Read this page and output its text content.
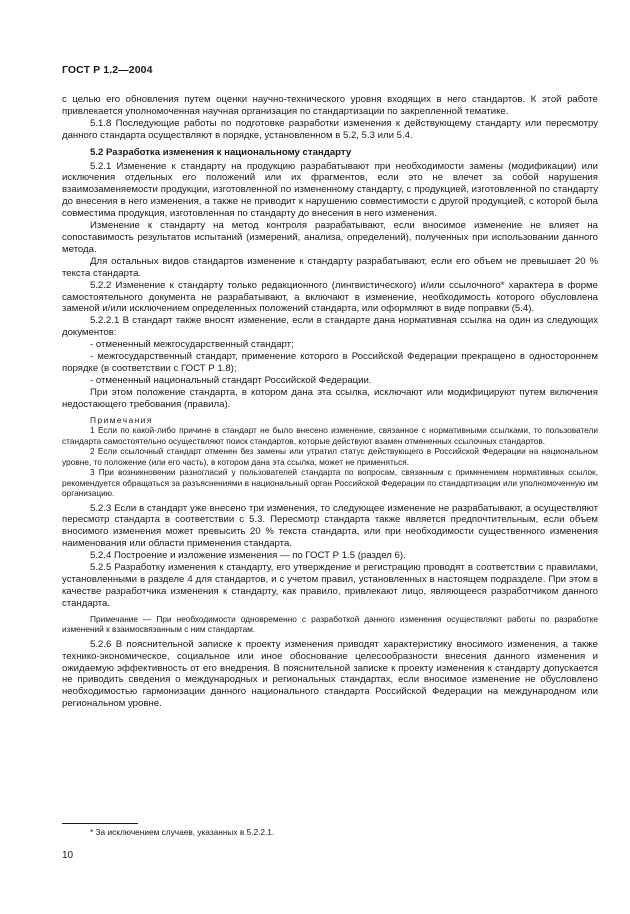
ГОСТ Р 1.2—2004

с целью его обновления путем оценки научно-технического уровня входящих в него стандартов. К этой работе привлекается уполномоченная научная организация по стандартизации по закрепленной тематике.

5.1.8 Последующие работы по подготовке разработки изменения к действующему стандарту или пересмотру данного стандарта осуществляют в порядке, установленном в 5.2, 5.3 или 5.4.

5.2 Разработка изменения к национальному стандарту

5.2.1 Изменение к стандарту на продукцию разрабатывают при необходимости замены (модификации) или исключения отдельных его положений или их фрагментов, если это не влечет за собой нарушения взаимозаменяемости продукции, изготовленной по измененному стандарту, с продукцией, изготовленной по стандарту до внесения в него изменения, а также не приводит к нарушению совместимости с другой продукцией, с которой была совместима продукция, изготовленная по стандарту до внесения в него изменения.

Изменение к стандарту на метод контроля разрабатывают, если вносимое изменение не влияет на сопоставимость результатов испытаний (измерений, анализа, определений), полученных при использовании данного метода.

Для остальных видов стандартов изменение к стандарту разрабатывают, если его объем не превышает 20 % текста стандарта.

5.2.2 Изменение к стандарту только редакционного (лингвистического) и/или ссылочного* характера в форме самостоятельного документа не разрабатывают, а включают в изменение, необходимость которого обусловлена заменой и/или исключением определенных положений стандарта, или оформляют в виде поправки (5.4).

5.2.2.1 В стандарт также вносят изменение, если в стандарте дана нормативная ссылка на один из следующих документов:

- отмененный межгосударственный стандарт;

- межгосударственный стандарт, применение которого в Российской Федерации прекращено в одностороннем порядке (в соответствии с ГОСТ Р 1.8);

- отмененный национальный стандарт Российской Федерации.

При этом положение стандарта, в котором дана эта ссылка, исключают или модифицируют путем включения недостающего требования (правила).

Примечания

1 Если по какой-либо причине в стандарт не было внесено изменение, связанное с нормативными ссылками, то пользователи стандарта самостоятельно осуществляют поиск стандартов, которые действуют взамен отмененных ссылочных стандартов.

2 Если ссылочный стандарт отменен без замены или утратил статус действующего в Российской Федерации на национальном уровне, то положение (или его часть), в котором дана эта ссылка, может не применяться.

3 При возникновении разногласий у пользователей стандарта по вопросам, связанным с применением нормативных ссылок, рекомендуется обращаться за разъяснениями в национальный орган Российской Федерации по стандартизации или уполномоченную им организацию.

5.2.3 Если в стандарт уже внесено три изменения, то следующее изменение не разрабатывают, а осуществляют пересмотр стандарта в соответствии с 5.3. Пересмотр стандарта также является предпочтительным, если объем вносимого изменения может превысить 20 % текста стандарта, или при необходимости существенного изменения наименования или области применения стандарта.

5.2.4 Построение и изложение изменения — по ГОСТ Р 1.5 (раздел 6).

5.2.5 Разработку изменения к стандарту, его утверждение и регистрацию проводят в соответствии с правилами, установленными в разделе 4 для стандартов, и с учетом правил, установленных в настоящем подразделе. При этом в качестве разработчика изменения к стандарту, как правило, привлекают лицо, являющееся разработчиком данного стандарта.

Примечание — При необходимости одновременно с разработкой данного изменения осуществляют работы по разработке изменений к взаимосвязанным с ним стандартам.

5.2.6 В пояснительной записке к проекту изменения приводят характеристику вносимого изменения, а также технико-экономическое, социальное или иное обоснование целесообразности внесения данного изменения и ожидаемую эффективность от его внедрения. В пояснительной записке к проекту изменения к стандарту допускается не приводить сведения о международных и региональных стандартах, если вносимое изменение не обусловлено необходимостью гармонизации данного национального стандарта Российской Федерации на международном или региональном уровне.

* За исключением случаев, указанных в 5.2.2.1.
10
